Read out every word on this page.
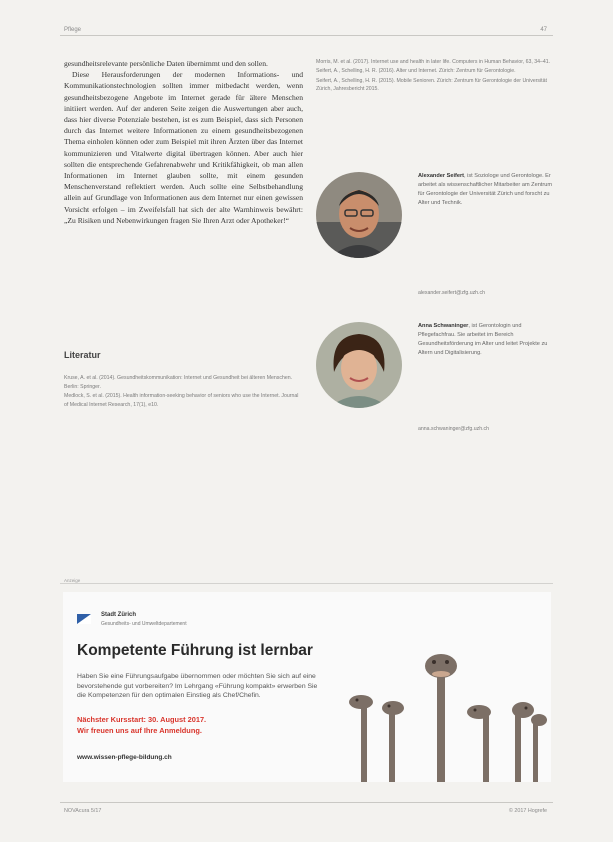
Pflege	47

gesundheitsrelevante persönliche Daten übernimmt und den sollen.

Diese Herausforderungen der modernen Informations- und Kommunikationstechnologien sollten immer mitbedacht werden, wenn gesundheitsbezogene Angebote im Internet gerade für ältere Menschen initiiert werden. Auf der anderen Seite zeigen die Auswertungen aber auch, dass hier diverse Potenziale bestehen, ist es zum Beispiel, dass sich Personen durch das Internet weitere Informationen zu einem gesundheitsbezogenen Thema einholen können oder zum Beispiel mit ihren Ärzten über das Internet kommunizieren und Vitalwerte digital übertragen können. Aber auch hier sollten die entsprechende Gefahrenabwehr und Kritikfähigkeit, ob man allen Informationen im Internet glauben sollte, mit einem gesunden Menschenverstand reflektiert werden. Auch sollte eine Selbstbehandlung allein auf Grundlage von Informationen aus dem Internet nur einen gewissen Vorsicht erfolgen – im Zweifelsfall hat sich der alte Warnhinweis bewährt: „Zu Risiken und Nebenwirkungen fragen Sie Ihren Arzt oder Apotheker!“

Literatur
Kruse, A. et al. (2014). Gesundheitskommunikation: Internet und Gesundheit bei älteren Menschen. Berlin: Springer.
Medlock, S. et al. (2015). Health information-seeking behavior of seniors who use the Internet. Journal of Medical Internet Research, 17(1), e10.
Morris, M. et al. (2017). Internet use and health in later life. Computers in Human Behavior, 63, 34–41.
Seifert, A., Schelling, H. R. (2016). Alter und Internet. Zürich: Zentrum für Gerontologie.
Seifert, A., Schelling, H. R. (2015). Mobile Senioren. Zürich: Zentrum für Gerontologie der Universität Zürich, Jahresbericht 2015.
Alexander Seifert, ist Soziologe und Gerontologe. Er arbeitet als wissenschaftlicher Mitarbeiter am Zentrum für Gerontologie der Universität Zürich und forscht zu Alter und Technik.
alexander.seifert@zfg.uzh.ch
Anna Schwaninger, ist Gerontologin und Pflegefachfrau. Sie arbeitet im Bereich Gesundheitsförderung im Alter und leitet Projekte zu Altern und Digitalisierung.
anna.schwaninger@zfg.uzh.ch
Anzeige
Stadt Zürich
Gesundheits- und Umweltdepartement
Kompetente Führung ist lernbar
Haben Sie eine Führungsaufgabe übernommen oder möchten Sie sich auf eine bevorstehende gut vorbereiten? Im Lehrgang «Führung kompakt» erwerben Sie die Kompetenzen für den optimalen Einstieg als Chef/Chefin.
Nächster Kursstart: 30. August 2017.
Wir freuen uns auf Ihre Anmeldung.
www.wissen-pflege-bildung.ch
NOVAcura 5/17	© 2017 Hogrefe
